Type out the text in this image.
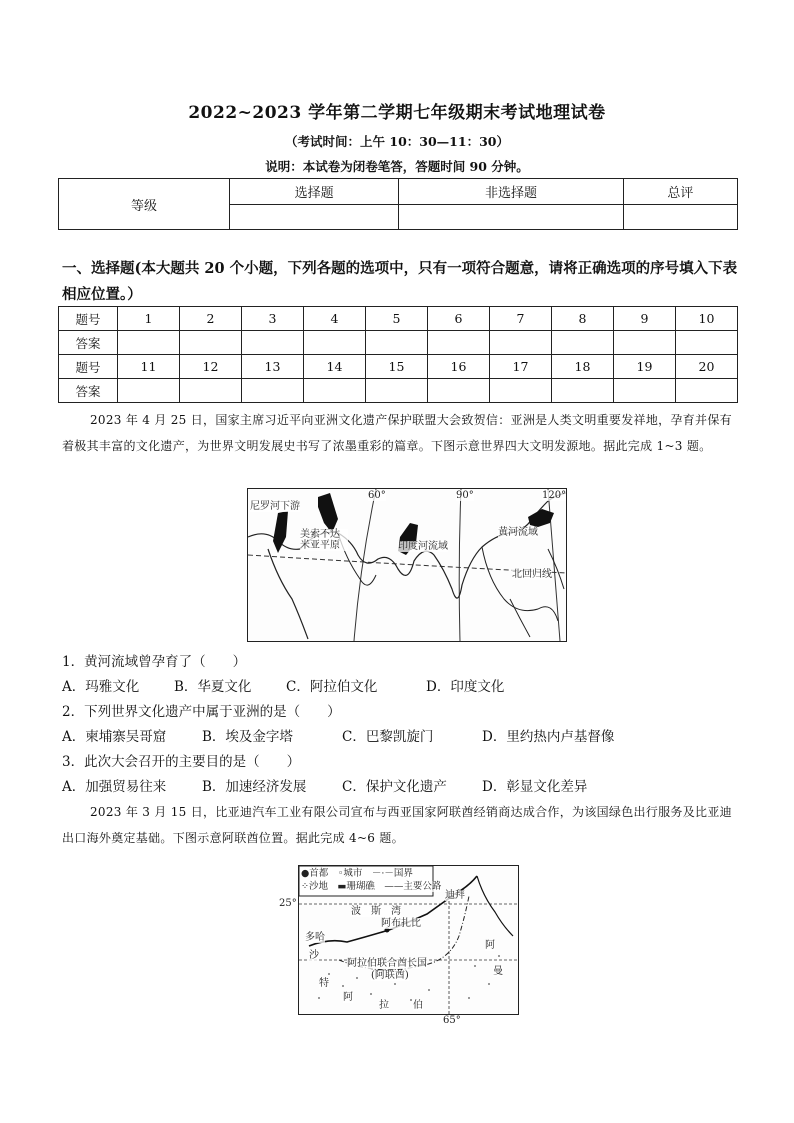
2022~2023 学年第二学期七年级期末考试地理试卷
（考试时间：上午 10：30—11：30）
说明：本试卷为闭卷笔答，答题时间 90 分钟。
等级	选择题	非选择题	总评

一、选择题(本大题共 20 个小题，下列各题的选项中，只有一项符合题意，请将正确选项的序号填入下表相应位置。）
题号	1	2	3	4	5	6	7	8	9	10
答案										
题号	11	12	13	14	15	16	17	18	19	20
答案										
2023 年 4 月 25 日，国家主席习近平向亚洲文化遗产保护联盟大会致贺信：亚洲是人类文明重要发祥地，孕育并保有着极其丰富的文化遗产，为世界文明发展史书写了浓墨重彩的篇章。下图示意世界四大文明发源地。据此完成 1~3 题。
尼罗河下游
美索不达米亚平原	印度河流域
黄河流域
北回归线
60°	90°	120°
1．黄河流域曾孕育了（　　）
A．玛雅文化	B．华夏文化	C．阿拉伯文化	D．印度文化
2．下列世界文化遗产中属于亚洲的是（　　）
A．柬埔寨吴哥窟	B．埃及金字塔	C．巴黎凯旋门	D．里约热内卢基督像
3．此次大会召开的主要目的是（　　）
A．加强贸易往来	B．加速经济发展	C．保护文化遗产	D．彰显文化差异
2023 年 3 月 15 日，比亚迪汽车工业有限公司宣布与西亚国家阿联酋经销商达成合作，为该国绿色出行服务及比亚迪出口海外奠定基础。下图示意阿联酋位置。据此完成 4~6 题。
●首都　◦城市　－·－国界
⁘沙地　▬珊瑚礁　——主要公路
25°
65°
波　斯　湾
迪拜
阿布扎比
多哈
阿拉伯联合酋长国
(阿联酋)
阿
曼
沙
特
阿
拉 伯
